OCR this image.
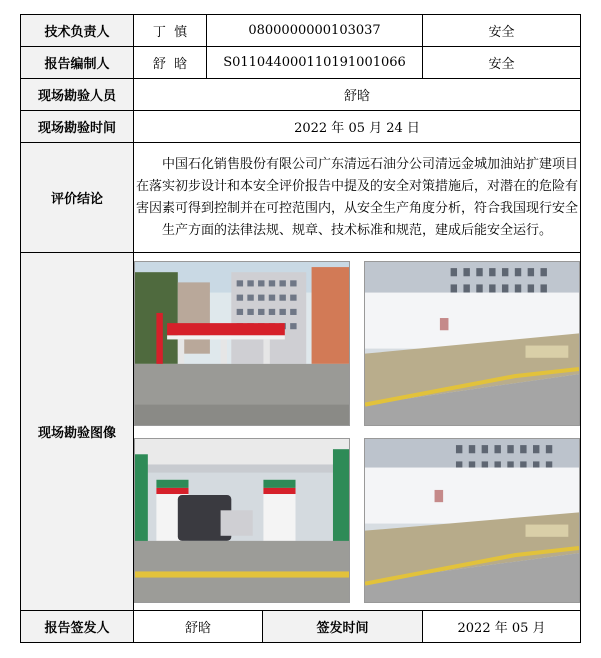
技术负责人	丁  慎	0800000000103037		安全
报告编制人	舒  晗	S011044000110191001066		安全
现场勘验人员	舒晗			
现场勘验时间	2022 年 05 月 24 日			
评价结论	中国石化销售股份有限公司广东清远石油分公司清远金城加油站扩建项目在落实初步设计和本安全评价报告中提及的安全对策措施后，对潜在的危险有害因素可得到控制并在可控范围内，从安全生产角度分析，符合我国现行安全生产方面的法律法规、规章、技术标准和规范，建成后能安全运行。			
现场勘验图像	

报告签发人	舒晗		签发时间	2022 年 05 月
